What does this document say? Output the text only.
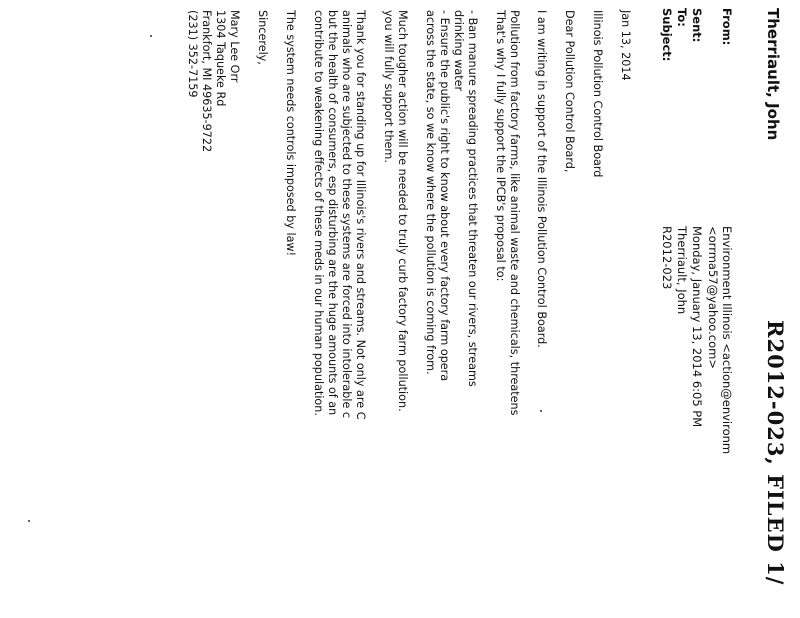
R2012-023, FILED 1/
Therriault, John
From:
Environment Illinois <action@environm
<orrma57@yahoo.com>
Sent:
Monday, January 13, 2014 6:05 PM
To:
Therriault, John
Subject:
R2012-023
Jan 13, 2014
Illinois Pollution Control Board
Dear Pollution Control Board,
I am writing in support of the Illinois Pollution Control Board.
Pollution from factory farms, like animal waste and chemicals, threatens
That's why I fully support the IPCB's proposal to:
- Ban manure spreading practices that threaten our rivers, streams
drinking water
- Ensure the public's right to know about every factory farm opera
across the state, so we know where the pollution is coming from.
Much tougher action will be needed to truly curb factory farm pollution.
you will fully support them.
Thank you for standing up for Illinois's rivers and streams. Not only are C
animals who are subjected to these systems are forced into intolerable c
but the health of consumers, esp disturbing are the huge amounts of an
contribute to weakening effects of these meds in our human population.
The system needs controls imposed by law!
Sincerely,
Mary Lee Orr
1304 Taqueke Rd
Frankfort, MI 49635-9722
(231) 352-7159
